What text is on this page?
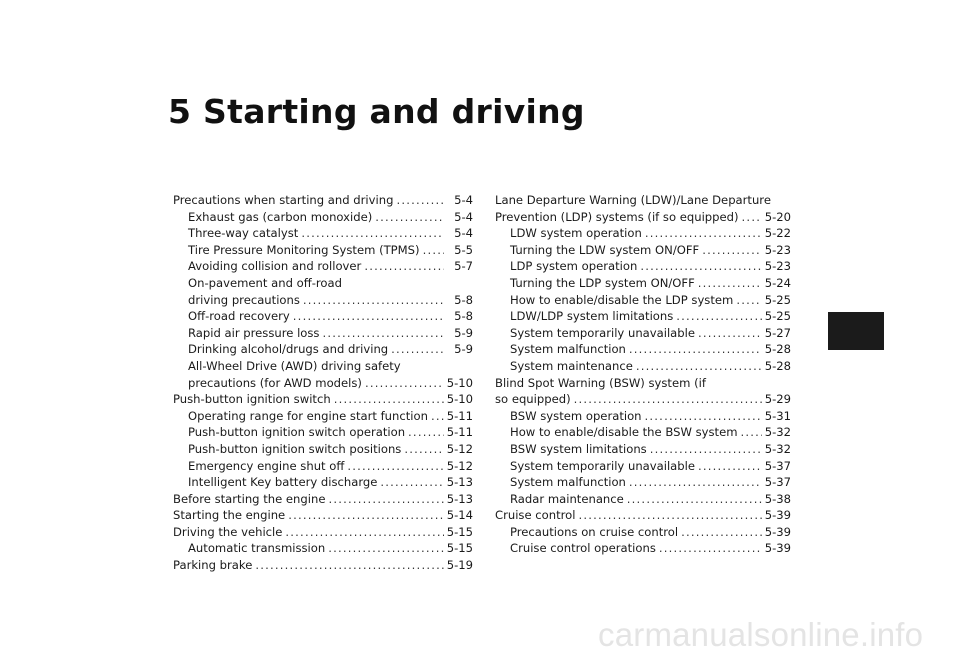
5 Starting and driving
Precautions when starting and driving .....	5-4
Exhaust gas (carbon monoxide) .....	5-4
Three-way catalyst .....	5-4
Tire Pressure Monitoring System (TPMS) .....	5-5
Avoiding collision and rollover .....	5-7
On-pavement and off-road
driving precautions .....	5-8
Off-road recovery .....	5-8
Rapid air pressure loss .....	5-9
Drinking alcohol/drugs and driving .....	5-9
All-Wheel Drive (AWD) driving safety
precautions (for AWD models) .....	5-10
Push-button ignition switch .....	5-10
Operating range for engine start function ..... 5-11
Push-button ignition switch operation .....	5-11
Push-button ignition switch positions .....	5-12
Emergency engine shut off .....	5-12
Intelligent Key battery discharge .....	5-13
Before starting the engine .....	5-13
Starting the engine .....	5-14
Driving the vehicle .....	5-15
Automatic transmission .....	5-15
Parking brake .....	5-19
Lane Departure Warning (LDW)/Lane Departure
Prevention (LDP) systems (if so equipped) ..... 5-20
LDW system operation .....	5-22
Turning the LDW system ON/OFF .....	5-23
LDP system operation .....	5-23
Turning the LDP system ON/OFF .....	5-24
How to enable/disable the LDP system .....	5-25
LDW/LDP system limitations .....	5-25
System temporarily unavailable .....	5-27
System malfunction .....	5-28
System maintenance .....	5-28
Blind Spot Warning (BSW) system (if
so equipped) .....	5-29
BSW system operation .....	5-31
How to enable/disable the BSW system ..... 5-32
BSW system limitations .....	5-32
System temporarily unavailable .....	5-37
System malfunction .....	5-37
Radar maintenance .....	5-38
Cruise control .....	5-39
Precautions on cruise control .....	5-39
Cruise control operations .....	5-39
carmanualsonline.info
